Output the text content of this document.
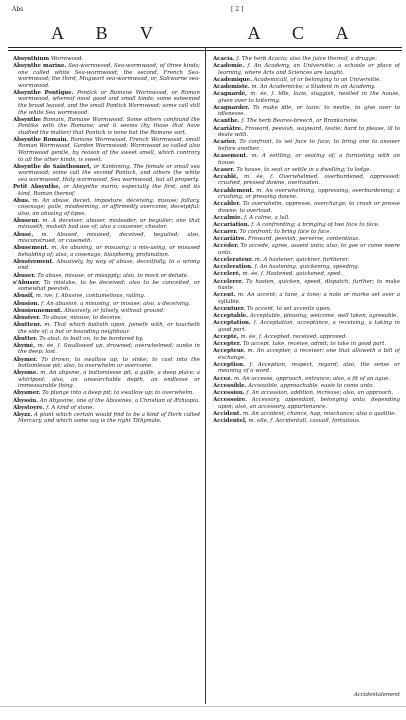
Abs	[ 2 ]
A B V	A C A

Absynthium Wormwood.

Absynthe marine. Sea-wormwood, Sea-wormwood; of three kinds; one called white Sea-wormwood; the second, French Sea-wormwood; the third, Mugwort sea-wormwood, or, Saltworne sea-wormwood.

Absynthe Pontique. Pontick or Romane Wormwood, or Roman wormwood, whereof most good and small kinds; some esteemed the broad leaved, and the small Pontick Wormwood; some call still the white Sea wormwood.

Absynthe Romain, Romane Wormwood. Some others confound the Pontike with the Romane; and it seems (by those that have studied the matter) that Pontick is none but the Romane sort.

Absynthe Romain. Romane Wormwood, French Wormwood, small Roman Wormwood, Garden Wormwood; Wormwood so called also Wormwood gentle, by reason of the sweet smell, which contrary to all the other kinds, is sweet.

Absynthe de Saintbonnet, or Xantoning. The female or small sea wormwood; some call the second Pontick, and others the white sea wormwood, Holy wormwood, Sea wormwood, but all properly.

Petit Absynthe, or Absynthe marin; especially the first, and its kind, Roman thereof.

Abus. m. An abuse, deceit, imposture, deceiving, misuse; fallacy, cosenage; guile, misdeeming, or affirmedly overcome, deceiptful; also, an abusing of tipes.

Abuseur. m. A deceiver, abuser, misleader, or beguiler; one that misuseth, maketh bad use of; also a cousener, cheater.

Abusé, m. Abused, misused, deceived, beguiled; also, misconstrued, or coseneth.

Abusement. m. An abusing, or misusing; a mis-using, or misused beholding of; also, a cosenage, blasphemy, profanation.

Abusivement. Abusively, by way of abuse, deceitfully, to a wrong end.

Abuser. To abuse, misuse, or misapply; also, to mock or delude.

s'Abuser. To mistake, to be deceived; also to be conceited, or somewhat peevish.

Abusif, m. ive, f. Abusive, contumelious, railing.

Abusion. f. An abusion, a misusing, or misuse; also, a deceiving.

Abusionnement. Abusively, or falsely, without ground.

Abusiver. To abuse, misuse; to deceive.

Abutteur. m. That which butteth upon, joineth with, or toucheth the side of; a but or bounding neighbour.

Abutter. To abut, to butt on, to be bordered by.

Abymé, m. ée, f. Swallowed up, drowned; overwhelmed; sunke in the deep; lost.

Abymer. To drown, to swallow up, to sinke; to cast into the bottomlesse pit; also, to overwhelm or overcome.

Abysme. m. An abysme, a bottomlesse pit, a gulfe, a deep place; a whirlpool; also, an unsearchable depth, an endlesse or immeasurable thing.

Abysmer. To plunge into a deep pit; to swallow up; to overwhelm.

Abyssin. An Abyssine, one of the Abissines, a Christian of Æthiopia.

Abystoyre. f. A kind of stone.

Abyzz. A plant which certain would find to be a kind of Herb called Mercury, and which some say is the right Tithymale.

Acacia. f. The herb Acacia; also the juice thereof, a drugge.

Academie. f. An Academy, an Universitie; a schoole or place of learning, where Arts and Sciences are taught.

Academique. Academicall, of or belonging to an Universitie.

Academiste. m. An Academicke; a Student in an Academy.

Acagnardé, m. ée, f. Idle, lazie, sluggish, nestled in the house, given over to loitering.

Acagnarder. To make idle, or lazie; to nestle, to give over to idlenesse.

Acanthe. f. The herb Beares-breech, or Brankursine.

Acariâtre. Froward, peevish, wayward, testie; hard to please, ill to deale with.

Acarier. To confront, to set face to face; to bring one to answer before another.

Acasement. m. A settling, or seating of; a furnishing with an house.

Acaser. To house, to seat or settle in a dwelling; to lodge.

Accablé, m. ée, f. Overwhelmed, overburdened, oppressed; crushed, pressed downe, overloaden.

Accablement. m. An overwhelming, oppressing, overburdening; a crushing, or pressing downe.

Accabler. To overwhelm, oppresse, overcharge; to crush or presse downe; to overload.

Accalmie. f. A calme, a lull.

Accariation. f. A confronting; a bringing of two face to face.

Accarer. To confront; to bring face to face.

Accariâtre. Froward, peevish, perverse, contentious.

Accéder. To accede, agree, assent unto; also, to goe or come neere unto.

Accelerateur. m. A hastener, quickner, furtherer.

Acceleration. f. An hastening, quickening, speeding.

Acceleré, m. ée, f. Hastened, quickened, sped.

Accelerer. To hasten, quicken, speed, dispatch, further; to make haste.

Accent. m. An accent; a tune, a tone; a note or marke set over a syllable.

Accentuer. To accent, to set accents upon.

Acceptable. Acceptable, pleasing, welcome, well taken, agreeable.

Acceptation. f. Acceptation, acceptance, a receiving, a taking in good part.

Accepté, m. ée, f. Accepted, received, approved.

Accepter. To accept, take, receive, admit; to take in good part.

Accepteur. m. An accepter, a receiver; one that alloweth a bill of exchange.

Acception. f. Acception, respect, regard; also, the sense or meaning of a word.

Accez. m. An accesse, approach, entrance; also, a fit of an ague.

Accessible. Accessible, approachable, easie to come unto.

Accession. f. An accession, addition, increase; also, an approach.

Accessoire. Accessory, appendant, belonging unto, depending upon; also, an accessory, appurtenance.

Accident. m. An accident, chance, hap, mischance; also a qualitie.

Accidentel, m. elle, f. Accidentall, casuall, fortuitous.

Accidentalement
